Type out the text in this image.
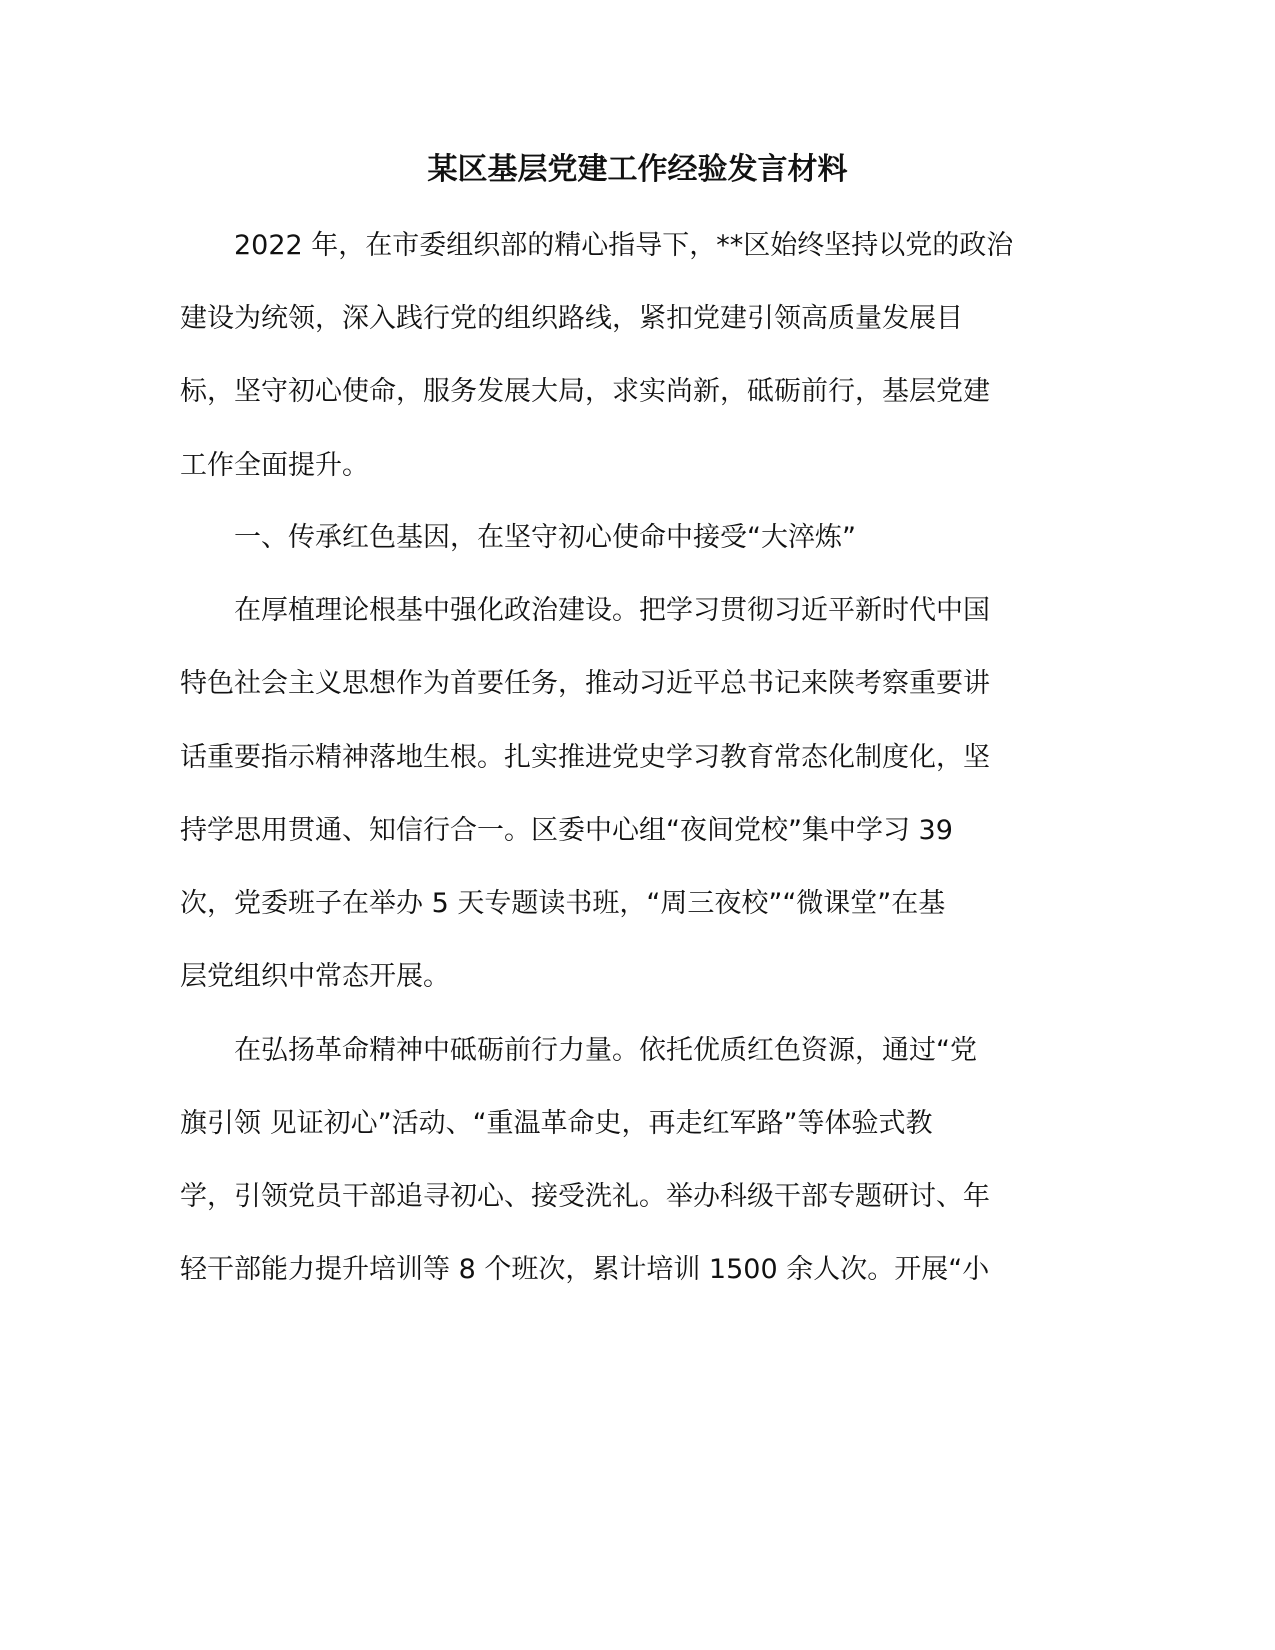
某区基层党建工作经验发言材料

2022 年，在市委组织部的精心指导下，**区始终坚持以党的政治

建设为统领，深入践行党的组织路线，紧扣党建引领高质量发展目

标，坚守初心使命，服务发展大局，求实尚新，砥砺前行，基层党建

工作全面提升。

一、传承红色基因，在坚守初心使命中接受“大淬炼”

在厚植理论根基中强化政治建设。把学习贯彻习近平新时代中国

特色社会主义思想作为首要任务，推动习近平总书记来陕考察重要讲

话重要指示精神落地生根。扎实推进党史学习教育常态化制度化，坚

持学思用贯通、知信行合一。区委中心组“夜间党校”集中学习 39

次，党委班子在举办 5 天专题读书班，“周三夜校”“微课堂”在基

层党组织中常态开展。

在弘扬革命精神中砥砺前行力量。依托优质红色资源，通过“党

旗引领 见证初心”活动、“重温革命史，再走红军路”等体验式教

学，引领党员干部追寻初心、接受洗礼。举办科级干部专题研讨、年

轻干部能力提升培训等 8 个班次，累计培训 1500 余人次。开展“小
